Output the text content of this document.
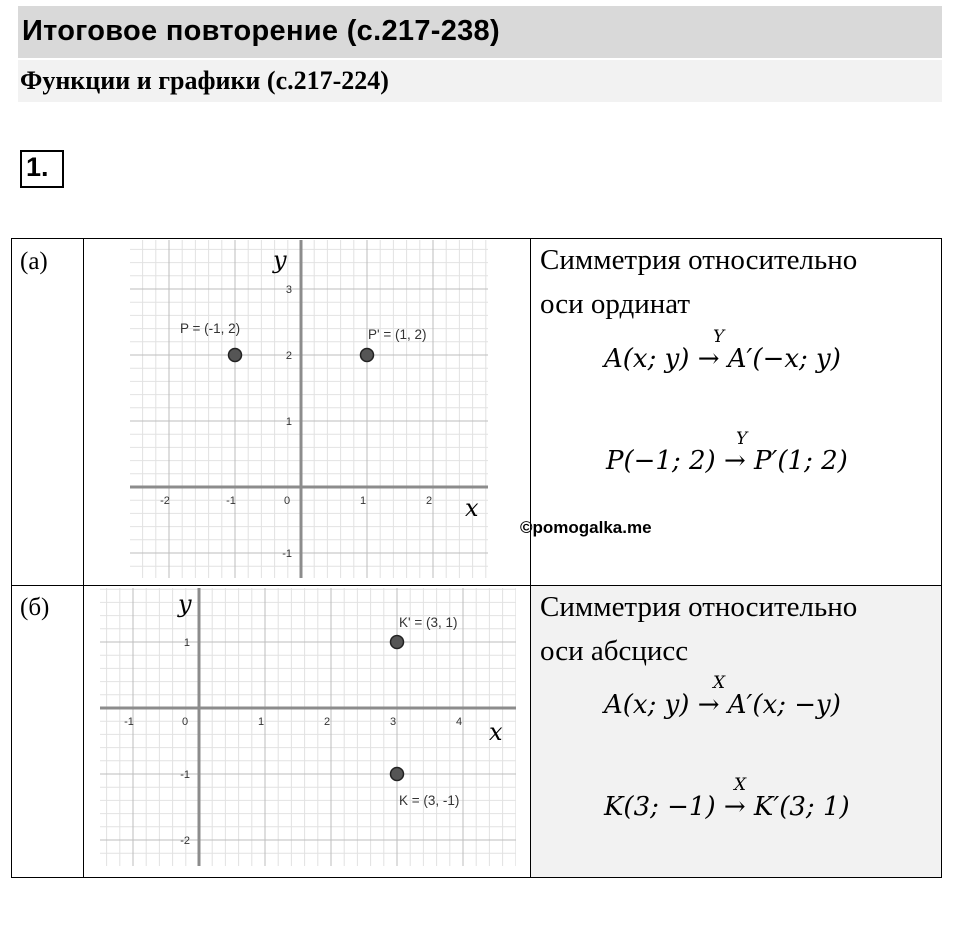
Итоговое повторение (с.217-238)
Функции и графики (с.217-224)
1.
(a)
-2	-1	0	1	2
3
2
1
-1
x
y
P = (-1, 2)	P' = (1, 2)
Симметрия относительно
оси ординат
Y
A(x; y) → A′(−x; y)
Y
P(−1; 2) → P′(1; 2)
©pomogalka.me
(б)
-1	0	1	2	3	4
1
-1
-2
x
y
K' = (3, 1)
K = (3, -1)
Симметрия относительно
оси абсцисс
X
A(x; y) → A′(x; −y)
X
K(3; −1) → K′(3; 1)
